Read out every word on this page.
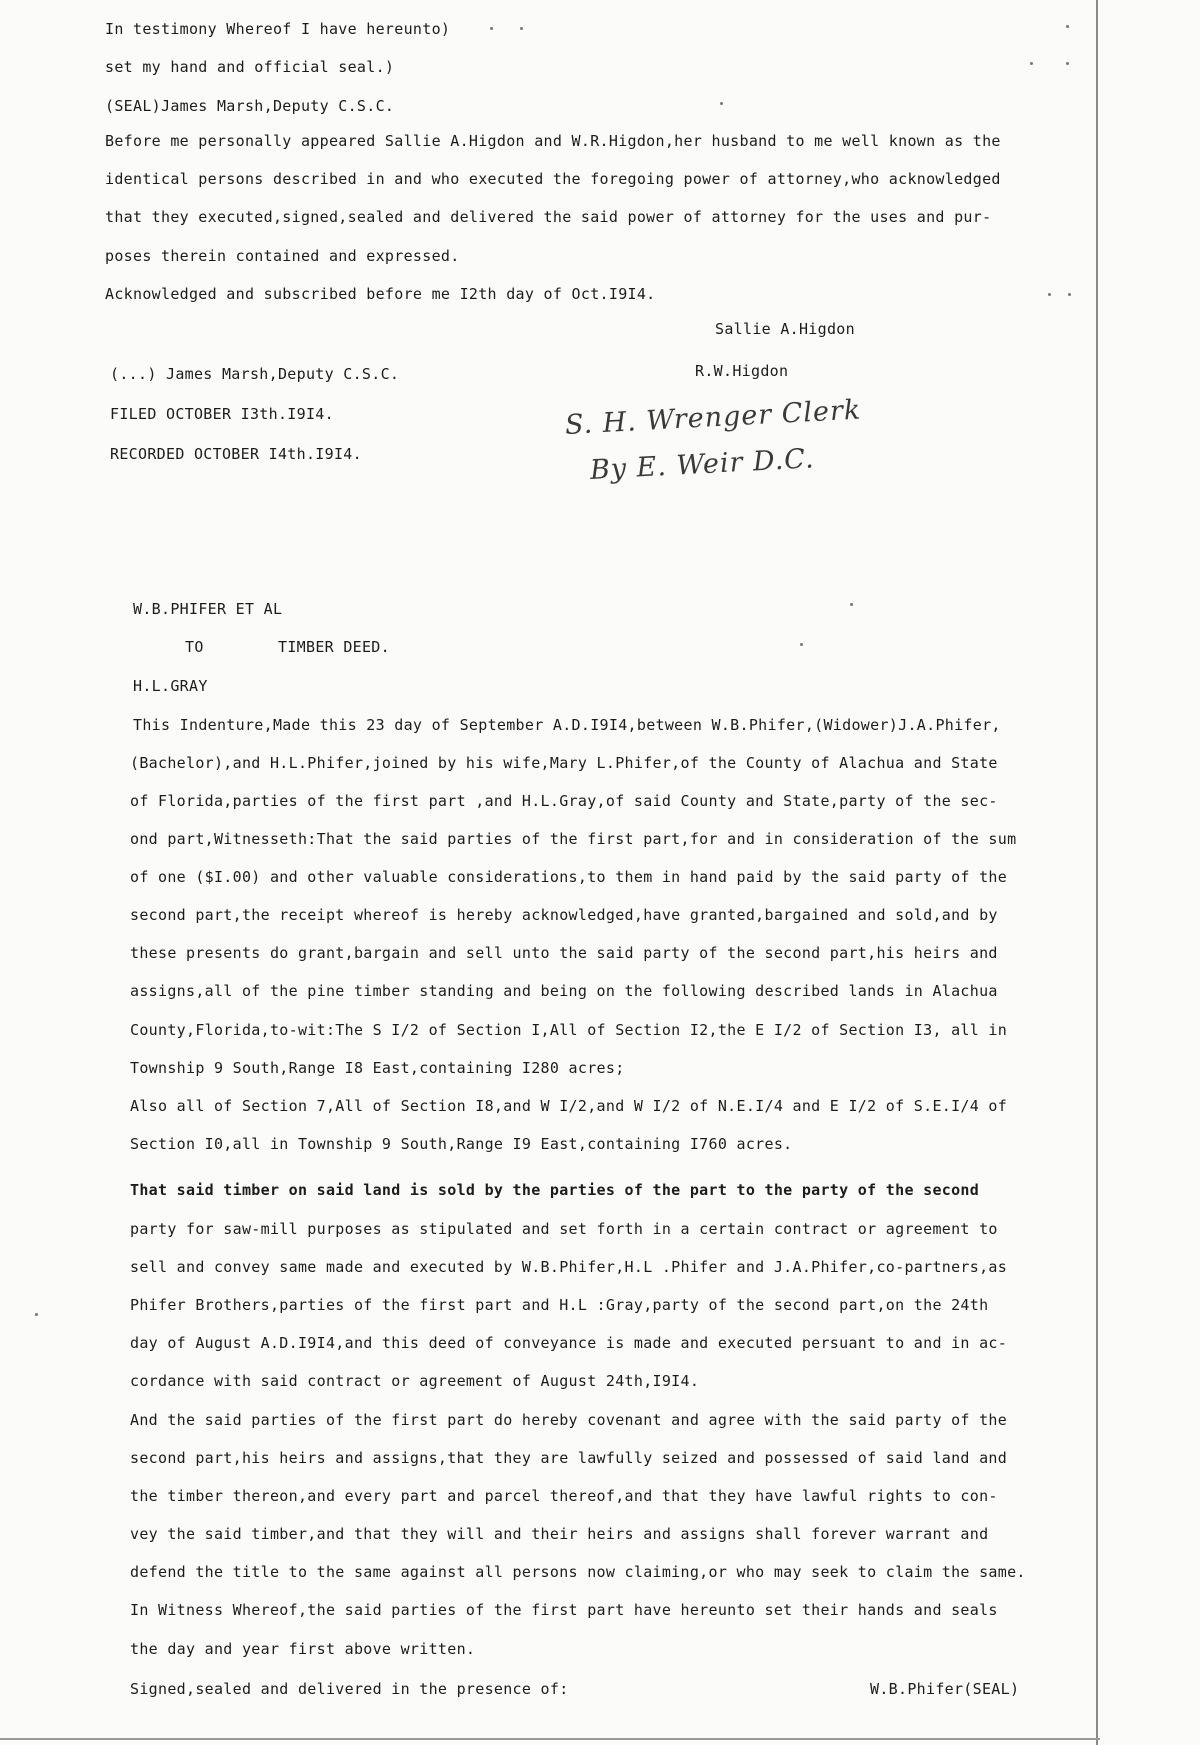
In testimony Whereof I have hereunto)
set my hand and official seal.)
(SEAL)James Marsh,Deputy C.S.C.
Before me personally appeared Sallie A.Higdon and W.R.Higdon,her husband to me well known as the
identical persons described in and who executed the foregoing power of attorney,who acknowledged
that they executed,signed,sealed and delivered the said power of attorney for the uses and pur-
poses therein contained and expressed.
Acknowledged and subscribed before me I2th day of Oct.I9I4.
Sallie A.Higdon
(...) James Marsh,Deputy C.S.C.	R.W.Higdon
FILED OCTOBER I3th.I9I4.
RECORDED OCTOBER I4th.I9I4.
S. H. Wrenger Clerk
By E. Weir D.C.
W.B.PHIFER ET AL
TO	TIMBER DEED.
H.L.GRAY
This Indenture,Made this 23 day of September A.D.I9I4,between W.B.Phifer,(Widower)J.A.Phifer,
(Bachelor),and H.L.Phifer,joined by his wife,Mary L.Phifer,of the County of Alachua and State
of Florida,parties of the first part ,and H.L.Gray,of said County and State,party of the sec-
ond part,Witnesseth:That the said parties of the first part,for and in consideration of the sum
of one ($I.00) and other valuable considerations,to them in hand paid by the said party of the
second part,the receipt whereof is hereby acknowledged,have granted,bargained and sold,and by
these presents do grant,bargain and sell unto the said party of the second part,his heirs and
assigns,all of the pine timber standing and being on the following described lands in Alachua
County,Florida,to-wit:The S I/2 of Section I,All of Section I2,the E I/2 of Section I3, all in
Township 9 South,Range I8 East,containing I280 acres;
Also all of Section 7,All of Section I8,and W I/2,and W I/2 of N.E.I/4 and E I/2 of S.E.I/4 of
Section I0,all in Township 9 South,Range I9 East,containing I760 acres.
That said timber on said land is sold by the parties of the part to the party of the second
party for saw-mill purposes as stipulated and set forth in a certain contract or agreement to
sell and convey same made and executed by W.B.Phifer,H.L .Phifer and J.A.Phifer,co-partners,as
Phifer Brothers,parties of the first part and H.L :Gray,party of the second part,on the 24th
day of August A.D.I9I4,and this deed of conveyance is made and executed persuant to and in ac-
cordance with said contract or agreement of August 24th,I9I4.
And the said parties of the first part do hereby covenant and agree with the said party of the
second part,his heirs and assigns,that they are lawfully seized and possessed of said land and
the timber thereon,and every part and parcel thereof,and that they have lawful rights to con-
vey the said timber,and that they will and their heirs and assigns shall forever warrant and
defend the title to the same against all persons now claiming,or who may seek to claim the same.
In Witness Whereof,the said parties of the first part have hereunto set their hands and seals
the day and year first above written.
Signed,sealed and delivered in the presence of:	W.B.Phifer(SEAL)
